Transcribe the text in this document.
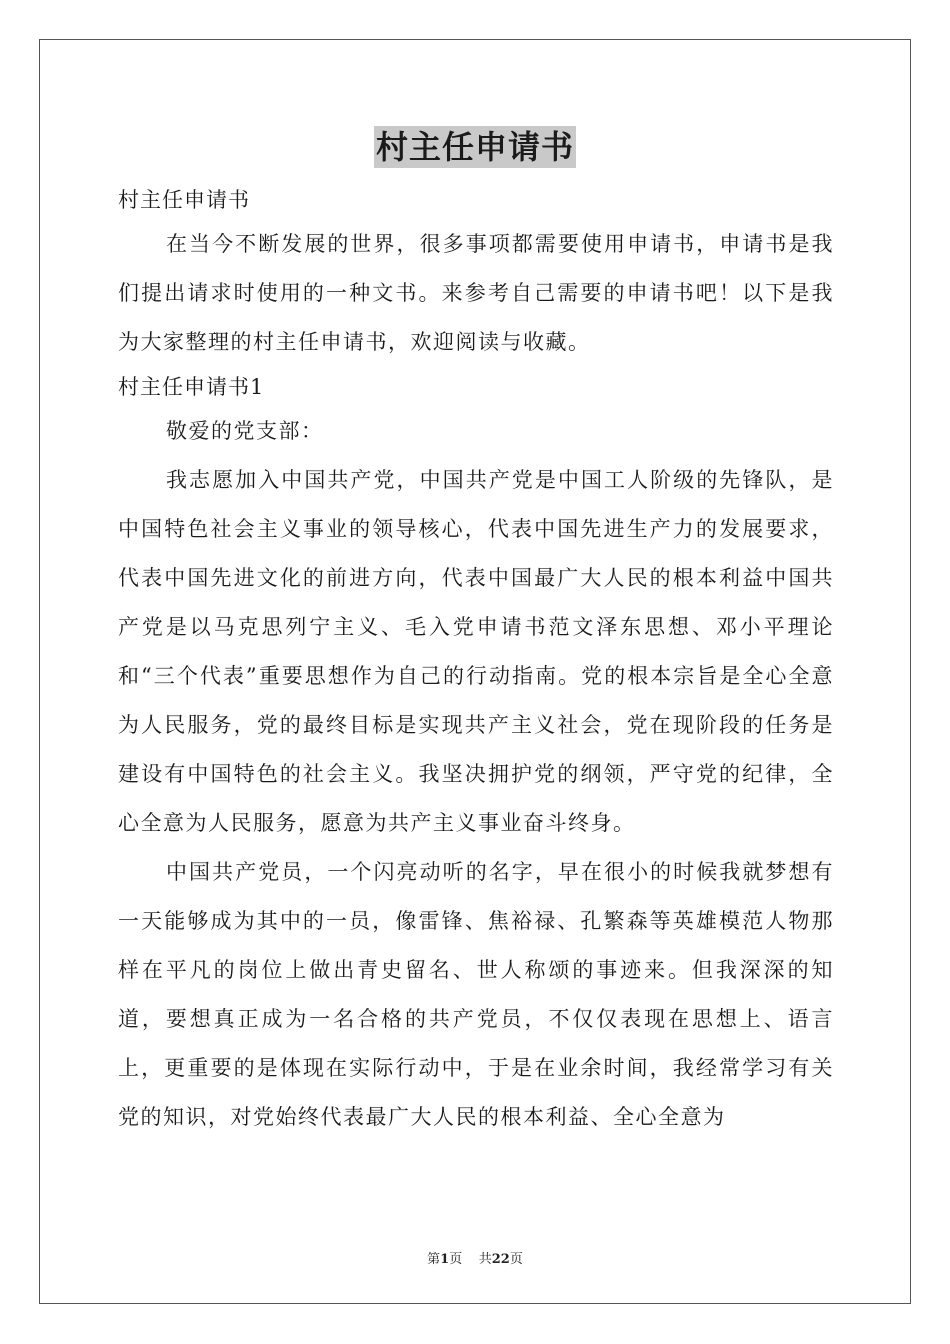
村主任申请书

村主任申请书

在当今不断发展的世界，很多事项都需要使用申请书，申请书是我们提出请求时使用的一种文书。来参考自己需要的申请书吧！以下是我为大家整理的村主任申请书，欢迎阅读与收藏。

村主任申请书1

敬爱的党支部：

我志愿加入中国共产党，中国共产党是中国工人阶级的先锋队，是中国特色社会主义事业的领导核心，代表中国先进生产力的发展要求，代表中国先进文化的前进方向，代表中国最广大人民的根本利益中国共产党是以马克思列宁主义、毛入党申请书范文泽东思想、邓小平理论和“三个代表”重要思想作为自己的行动指南。党的根本宗旨是全心全意为人民服务，党的最终目标是实现共产主义社会，党在现阶段的任务是建设有中国特色的社会主义。我坚决拥护党的纲领，严守党的纪律，全心全意为人民服务，愿意为共产主义事业奋斗终身。

中国共产党员，一个闪亮动听的名字，早在很小的时候我就梦想有一天能够成为其中的一员，像雷锋、焦裕禄、孔繁森等英雄模范人物那样在平凡的岗位上做出青史留名、世人称颂的事迹来。但我深深的知道，要想真正成为一名合格的共产党员，不仅仅表现在思想上、语言上，更重要的是体现在实际行动中，于是在业余时间，我经常学习有关党的知识，对党始终代表最广大人民的根本利益、全心全意为

第1页 共22页
